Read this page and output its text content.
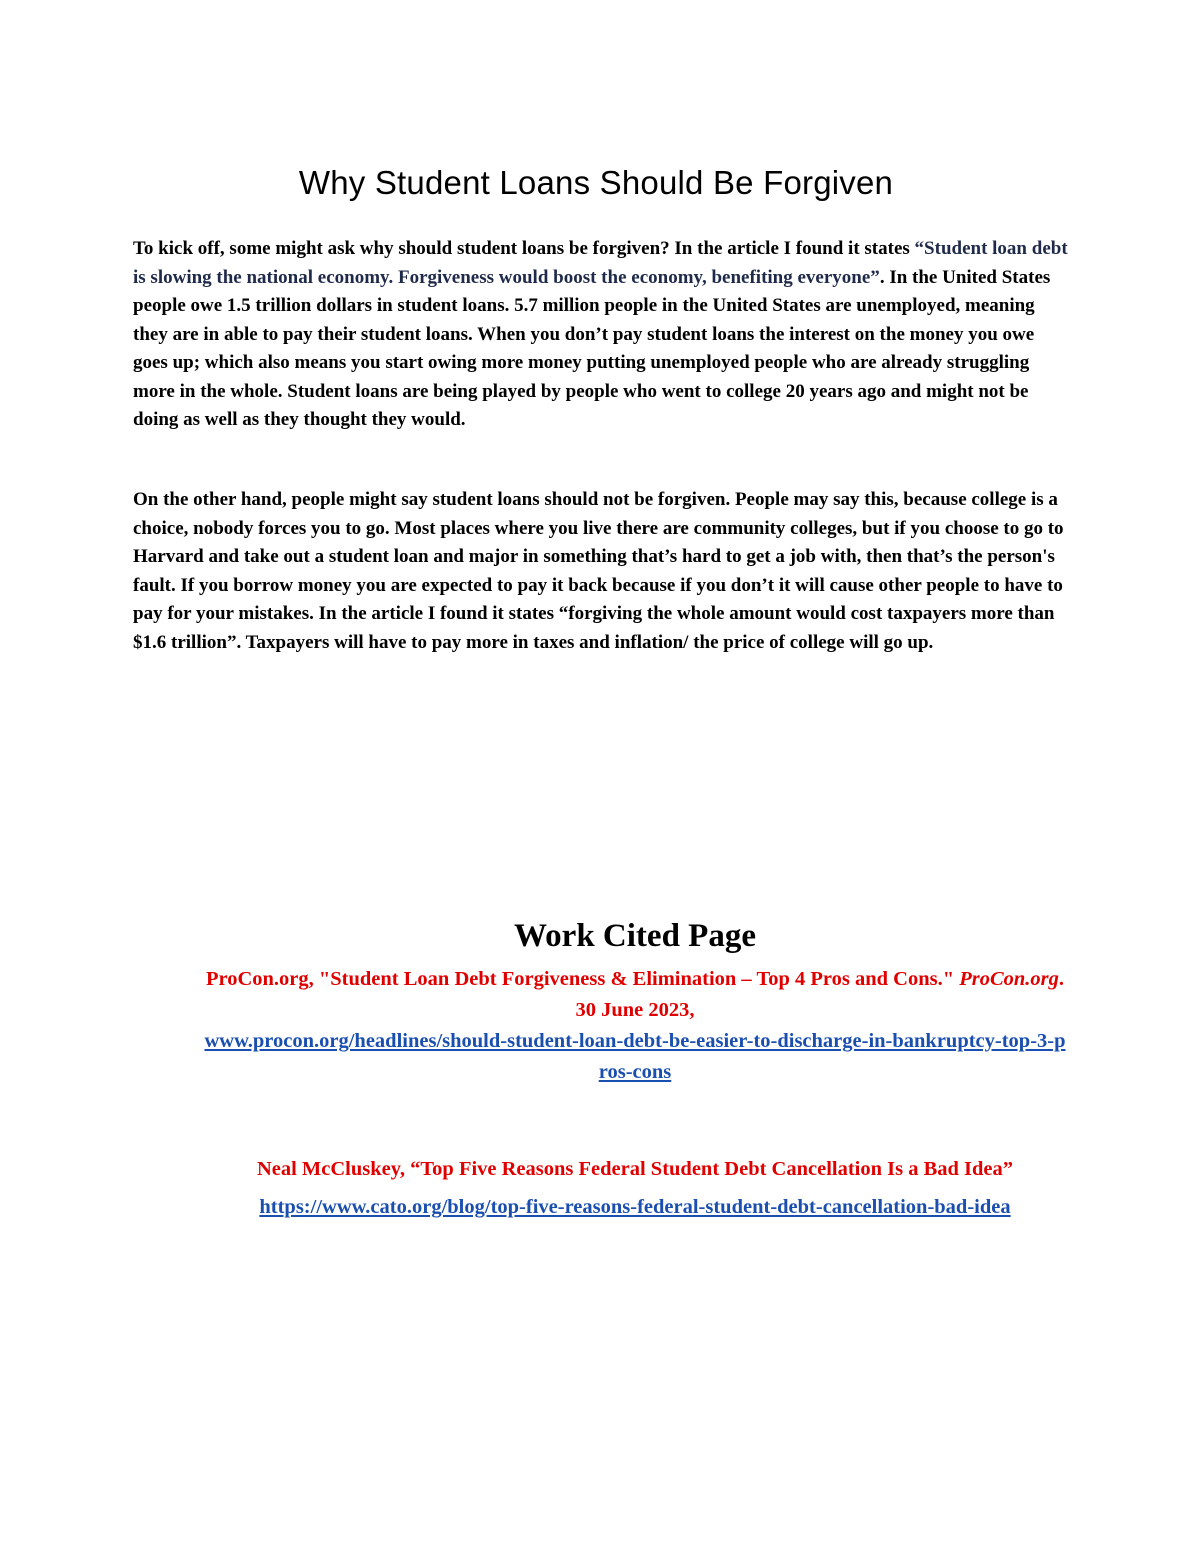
Why Student Loans Should Be Forgiven

To kick off, some might ask why should student loans be forgiven? In the article I found it states “Student loan debt is slowing the national economy. Forgiveness would boost the economy, benefiting everyone”. In the United States people owe 1.5 trillion dollars in student loans. 5.7 million people in the United States are unemployed, meaning they are in able to pay their student loans. When you don’t pay student loans the interest on the money you owe goes up; which also means you start owing more money putting unemployed people who are already struggling more in the whole. Student loans are being played by people who went to college 20 years ago and might not be doing as well as they thought they would.

On the other hand, people might say student loans should not be forgiven. People may say this, because college is a choice, nobody forces you to go. Most places where you live there are community colleges, but if you choose to go to Harvard and take out a student loan and major in something that’s hard to get a job with, then that’s the person's fault. If you borrow money you are expected to pay it back because if you don’t it will cause other people to have to pay for your mistakes. In the article I found it states “forgiving the whole amount would cost taxpayers more than $1.6 trillion”. Taxpayers will have to pay more in taxes and inflation/ the price of college will go up.

Work Cited Page

ProCon.org, "Student Loan Debt Forgiveness & Elimination – Top 4 Pros and Cons." ProCon.org. 30 June 2023,

www.procon.org/headlines/should-student-loan-debt-be-easier-to-discharge-in-bankruptcy-top-3-pros-cons

Neal McCluskey, “Top Five Reasons Federal Student Debt Cancellation Is a Bad Idea”

https://www.cato.org/blog/top-five-reasons-federal-student-debt-cancellation-bad-idea
